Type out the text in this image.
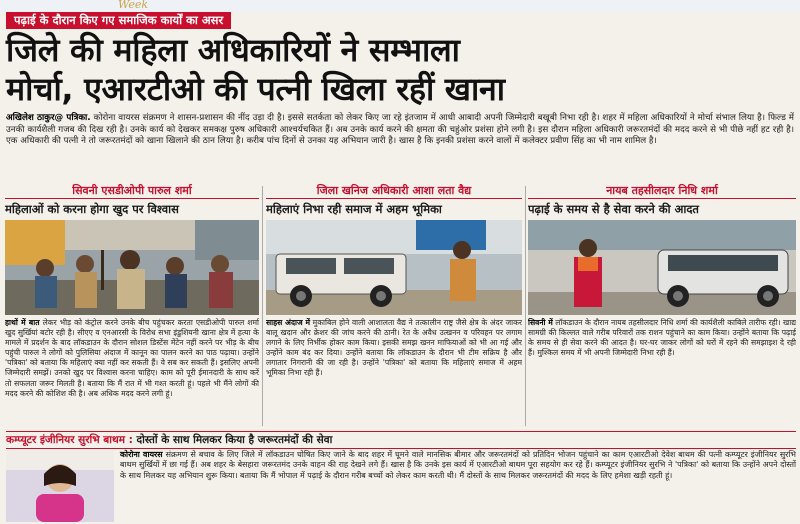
Week
पढ़ाई के दौरान किए गए समाजिक कार्यों का असर
जिले की महिला अधिकारियों ने सम्भाला
मोर्चा, एआरटीओ की पत्नी खिला रहीं खाना
अखिलेश ठाकुर@ पत्रिका. कोरोना वायरस संक्रमण ने शासन-प्रशासन की नींद उड़ा दी है। इससे सतर्कता को लेकर किए जा रहे इंतजाम में आधी आबादी अपनी जिम्मेदारी बखूबी निभा रही है। शहर में महिला अधिकारियों ने मोर्चा संभाल लिया है। फिल्ड में उनकी कार्यशैली गजब की दिख रही है। उनके कार्य को देखकर समकक्ष पुरुष अधिकारी आश्चर्यचकित हैं। अब उनके कार्य करने की क्षमता की चहुंओर प्रशंसा होने लगी है। इस दौरान महिला अधिकारी जरूरतमंदों की मदद करने से भी पीछे नहीं हट रही है। एक अधिकारी की पत्नी ने तो जरूरतमंदों को खाना खिलाने की ठान लिया है। करीब पांच दिनों से उनका यह अभियान जारी है। खास है कि इनकी प्रशंसा करने वालों में कलेक्टर प्रवीण सिंह का भी नाम शामिल है।
सिवनी एसडीओपी पारुल शर्मा
महिलाओं को करना होगा खुद पर विश्वास
हाथों में बात लेकर भीड़ को कंट्रोल करने उनके बीच पहुंचकर करता एसडीओपी पारुल शर्मा खुद सुर्खियां बटोर रही है। सीएए व एनआरसी के विरोध सभा इंडुशियनी खाना क्षेत्र में हत्या के मामले में प्रदर्शन के बाद लॉकडाउन के दौरान सोशल डिस्टेंस मेंटेन नहीं करने पर भीड़ के बीच पहुंची पारुल ने लोगों को पुलिसिया अंदाज में कानून का पालन करने का पाठ पढ़ाया। उन्होंने 'पत्रिका' को बताया कि महिलाएं क्या नहीं कर सकती हैं। वे सब कर सकती हैं। इसलिए अपनी जिम्मेदारी समझें। उनको खुद पर विश्वास करना चाहिए। काम को पूरी ईमानदारी के साथ करें तो सफलता जरूर मिलती है। बताया कि मैं रात में भी गश्त करती हूं। पहले भी मैंने लोगों की मदद करने की कोशिश की है। अब अधिक मदद करने लगी हूं।
जिला खनिज अधिकारी आशा लता वैद्य
महिलाएं निभा रही समाज में अहम भूमिका
साहस अंदाज में मुकाबिल होने वाली आशालता वैद्य ने तत्कालीन राष्ट्र जैसे क्षेत्र के अंदर जाकर बालू खदान और क्रेशर की जांच करने की ठानी। रेत के अवैध उत्खनन व परिवहन पर लगाम लगाने के लिए निर्भीक होकर काम किया। इसकी समझ खनन माफियाओं को भी आ गई और उन्होंने काम बंद कर दिया। उन्होंने बताया कि लॉकडाउन के दौरान भी टीम सक्रिय है और लगातार निगरानी की जा रही है। उन्होंने 'पत्रिका' को बताया कि महिलाएं समाज में अहम भूमिका निभा रही हैं।
नायब तहसीलदार निधि शर्मा
पढ़ाई के समय से है सेवा करने की आदत
सिवनी में लॉकडाउन के दौरान नायब तहसीलदार निधि शर्मा की कार्यशैली काबिले तारीफ रही। खाद्य सामग्री की किल्लत वाले गरीब परिवारों तक राशन पहुंचाने का काम किया। उन्होंने बताया कि पढ़ाई के समय से ही सेवा करने की आदत है। घर-घर जाकर लोगों को घरों में रहने की समझाइश दे रही हैं। मुश्किल समय में भी अपनी जिम्मेदारी निभा रही हैं।
कम्प्यूटर इंजीनियर सुरभि बाथम : दोस्तों के साथ मिलकर किया है जरूरतमंदों की सेवा
कोरोना वायरस संक्रमण से बचाव के लिए जिले में लॉकडाउन घोषित किए जाने के बाद शहर में घूमने वाले मानसिक बीमार और जरूरतमंदों को प्रतिदिन भोजन पहुंचाने का काम एआरटीओ देवेश बाथम की पत्नी कम्प्यूटर इंजीनियर सुरभि बाथम सुर्खियों में छा गई हैं। अब शहर के बेसहारा जरूरतमंद उनके वाहन की राह देखने लगे हैं। खास है कि उनके इस कार्य में एआरटीओ बाथम पूरा सहयोग कर रहे हैं। कम्प्यूटर इंजीनियर सुरभि ने 'पत्रिका' को बताया कि उन्होंने अपने दोस्तों के साथ मिलकर यह अभियान शुरू किया। बताया कि मैं भोपाल में पढ़ाई के दौरान गरीब बच्चों को लेकर काम करती थी। मैं दोस्तों के साथ मिलकर जरूरतमंदों की मदद के लिए हमेशा खड़ी रहती हूं।
